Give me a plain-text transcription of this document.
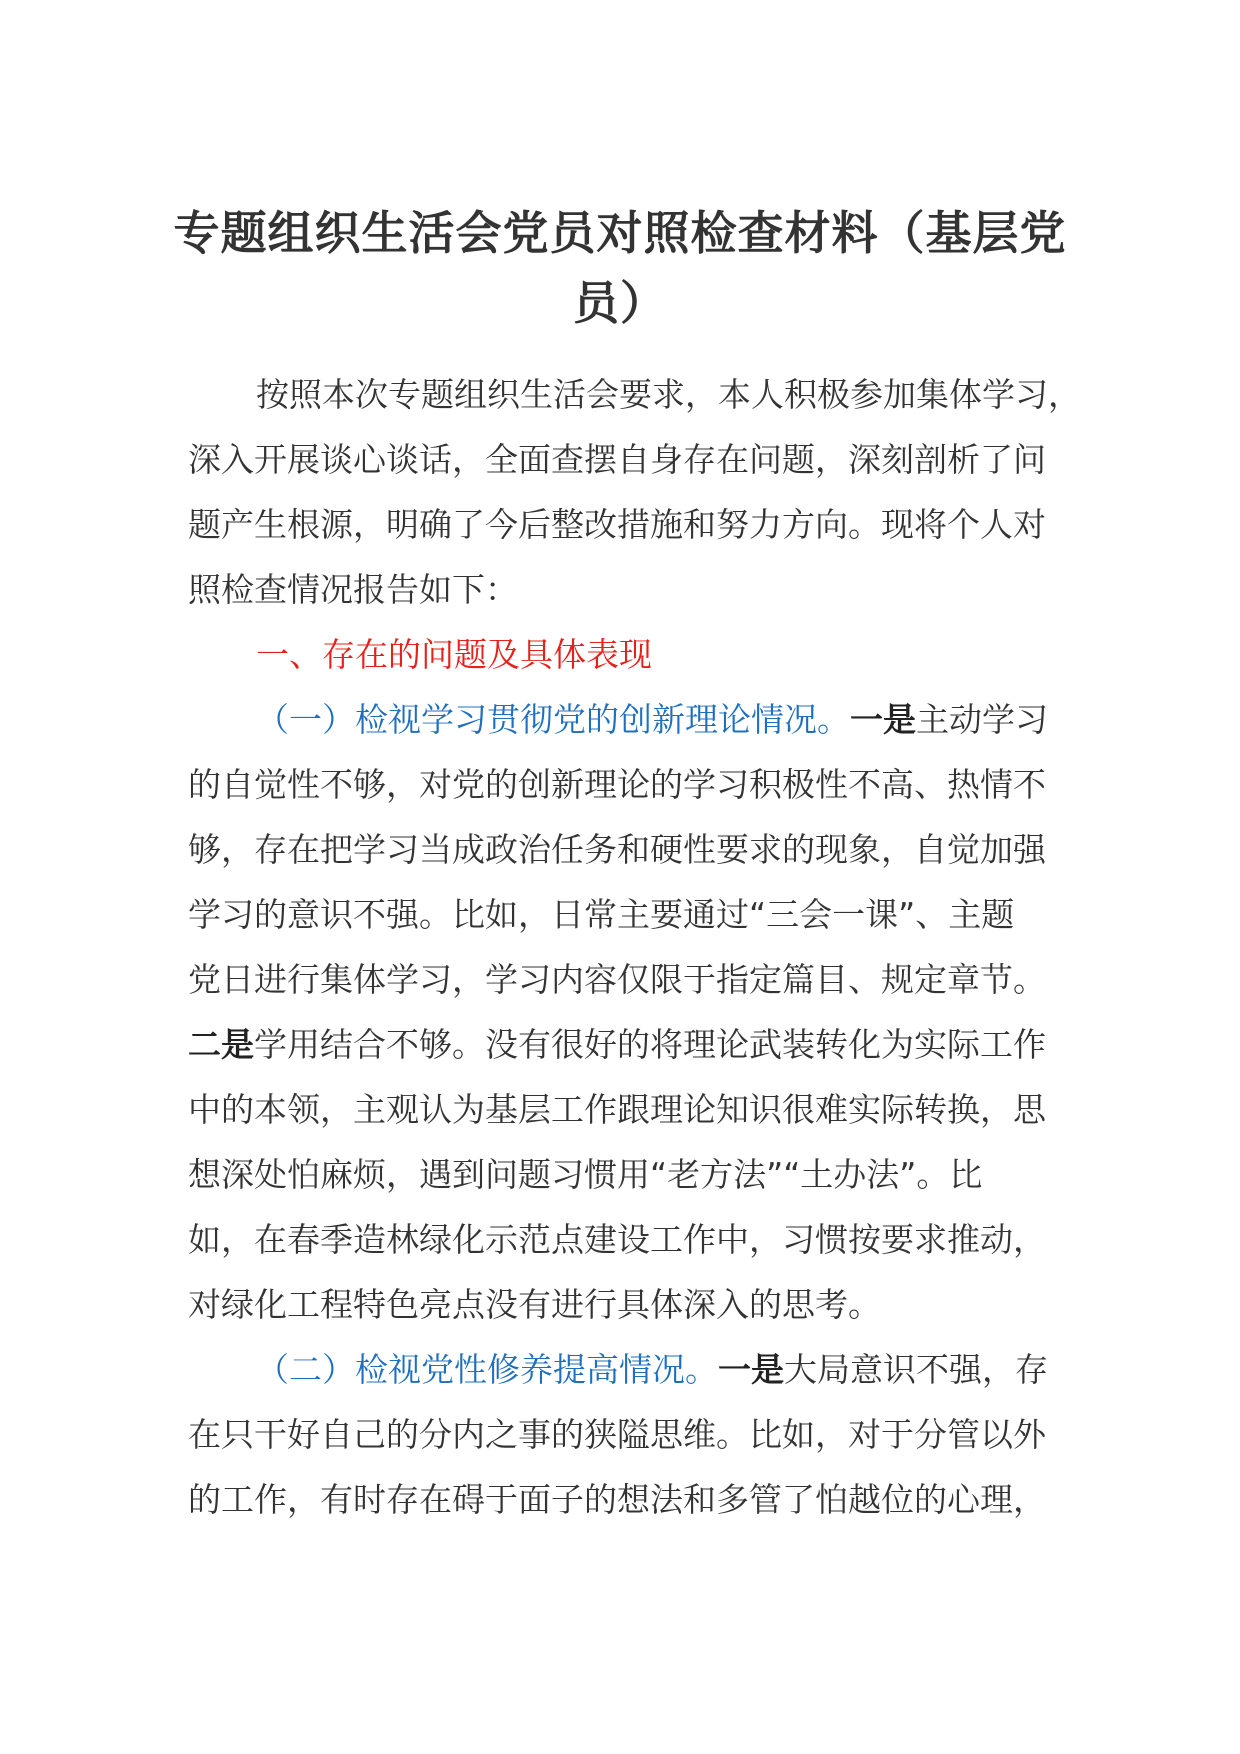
专题组织生活会党员对照检查材料（基层党
员）
按照本次专题组织生活会要求，本人积极参加集体学习，
深入开展谈心谈话，全面查摆自身存在问题，深刻剖析了问
题产生根源，明确了今后整改措施和努力方向。现将个人对
照检查情况报告如下：
一、存在的问题及具体表现
（一）检视学习贯彻党的创新理论情况。一是主动学习
的自觉性不够，对党的创新理论的学习积极性不高、热情不
够，存在把学习当成政治任务和硬性要求的现象，自觉加强
学习的意识不强。比如，日常主要通过“三会一课”、主题
党日进行集体学习，学习内容仅限于指定篇目、规定章节。
二是学用结合不够。没有很好的将理论武装转化为实际工作
中的本领，主观认为基层工作跟理论知识很难实际转换，思
想深处怕麻烦，遇到问题习惯用“老方法”“土办法”。比
如，在春季造林绿化示范点建设工作中，习惯按要求推动，
对绿化工程特色亮点没有进行具体深入的思考。
（二）检视党性修养提高情况。一是大局意识不强，存
在只干好自己的分内之事的狭隘思维。比如，对于分管以外
的工作，有时存在碍于面子的想法和多管了怕越位的心理，
